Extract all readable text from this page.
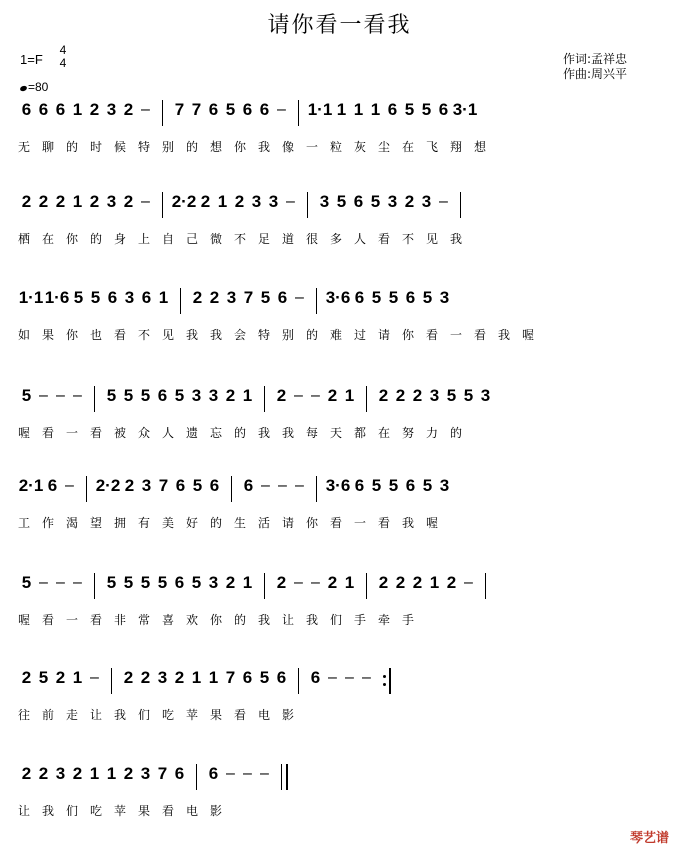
请你看一看我
1=F
4
4
=80
作词:孟祥忠
作曲:周兴平
6 6 6 1 2 3 2 – 7 7 6 5 6 6 – 1·1 1 1 1 6 5 5 6 3·1
无聊的时候特别的想你我像一粒灰尘在飞翔想
2 2 2 1 2 3 2 – 2·2 2 1 2 3 3 – 3 5 6 5 3 2 3 –
栖在你的身上自己微不足道很多人看不见我
1·1 1·6 5 5 6 3 6 1 2 2 3 7 5 6 – 3·6 6 5 5 6 5 3
如果你也看不见我我会特别的难过请你看一看我喔
5 – – – 5 5 5 6 5 3 3 2 1 2 – – 2 1 2 2 2 3 5 5 3
喔看一看被众人遗忘的我我每天都在努力的
2·1 6 – 2·2 2 3 7 6 5 6 6 – – – 3·6 6 5 5 6 5 3
工作渴望拥有美好的生活请你看一看我喔
5 – – – 5 5 5 5 6 5 3 2 1 2 – – 2 1 2 2 2 1 2 –
喔看一看非常喜欢你的我让我们手牵手
2 5 2 1 – 2 2 3 2 1 1 7 6 5 6 6 – – –
往前走让我们吃苹果看电影
2 2 3 2 1 1 2 3 7 6 6 – – –
让我们吃苹果看电影
琴艺谱
